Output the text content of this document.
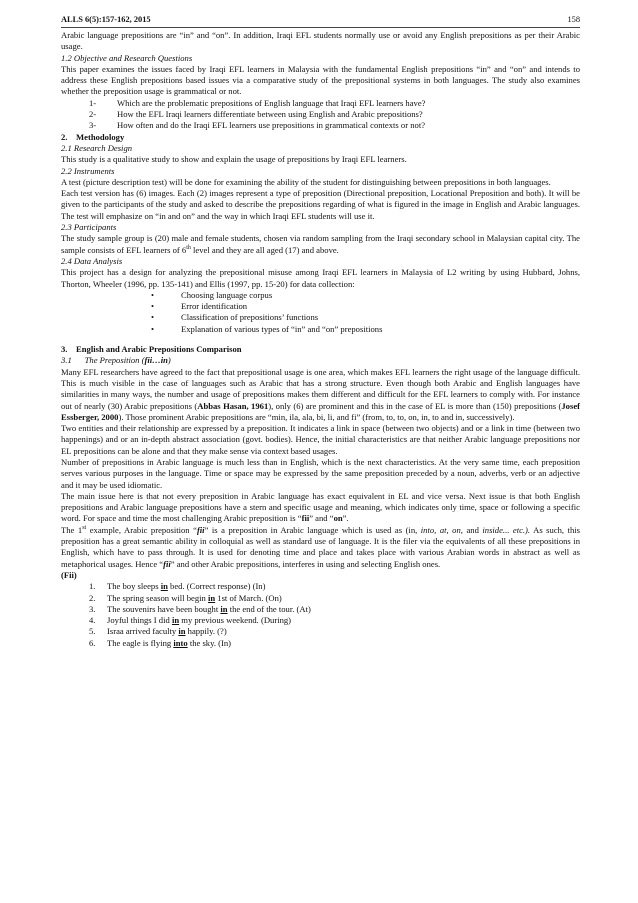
ALLS 6(5):157-162, 2015	158

Arabic language prepositions are “in” and “on”. In addition, Iraqi EFL students normally use or avoid any English prepositions as per their Arabic usage.

1.2 Objective and Research Questions

This paper examines the issues faced by Iraqi EFL learners in Malaysia with the fundamental English prepositions “in” and “on” and intends to address these English prepositions based issues via a comparative study of the prepositional systems in both languages. The study also examines whether the preposition usage is grammatical or not.

1-	Which are the problematic prepositions of English language that Iraqi EFL learners have?
2-	How the EFL Iraqi learners differentiate between using English and Arabic prepositions?
3-	How often and do the Iraqi EFL learners use prepositions in grammatical contexts or not?

2.    Methodology

2.1 Research Design

This study is a qualitative study to show and explain the usage of prepositions by Iraqi EFL learners.

2.2 Instruments

A test (picture description test) will be done for examining the ability of the student for distinguishing between prepositions in both languages.

Each test version has (6) images. Each (2) images represent a type of preposition (Directional preposition, Locational Preposition and both). It will be given to the participants of the study and asked to describe the prepositions regarding of what is figured in the image in English and Arabic languages. The test will emphasize on “in and on” and the way in which Iraqi EFL students will use it.

2.3 Participants

The study sample group is (20) male and female students, chosen via random sampling from the Iraqi secondary school in Malaysian capital city. The sample consists of EFL learners of 6th level and they are all aged (17) and above.

2.4 Data Analysis

This project has a design for analyzing the prepositional misuse among Iraqi EFL learners in Malaysia of L2 writing by using Hubbard, Johns, Thorton, Wheeler (1996, pp. 135-141) and Ellis (1997, pp. 15-20) for data collection:

•	Choosing language corpus
•	Error identification
•	Classification of prepositions’ functions
•	Explanation of various types of “in” and “on” prepositions

3.    English and Arabic Prepositions Comparison

3.1      The Preposition (fii…in)

Many EFL researchers have agreed to the fact that prepositional usage is one area, which makes EFL learners the right usage of the language difficult. This is much visible in the case of languages such as Arabic that has a strong structure. Even though both Arabic and English languages have similarities in many ways, the number and usage of prepositions makes them different and difficult for the EFL learners to comply with. For instance out of nearly (30) Arabic prepositions (Abbas Hasan, 1961), only (6) are prominent and this in the case of EL is more than (150) prepositions (Josef Essberger, 2000). Those prominent Arabic prepositions are “min, ila, ala, bi, li, and fi” (from, to, to, on, in, to and in, successively).

Two entities and their relationship are expressed by a preposition. It indicates a link in space (between two objects) and or a link in time (between two happenings) and or an in-depth abstract association (govt. bodies). Hence, the initial characteristics are that neither Arabic language prepositions nor EL prepositions can be alone and that they make sense via context based usages.

Number of prepositions in Arabic language is much less than in English, which is the next characteristics. At the very same time, each preposition serves various purposes in the language. Time or space may be expressed by the same preposition preceded by a noun, adverbs, verb or an adjective and it may be used idiomatic.

The main issue here is that not every preposition in Arabic language has exact equivalent in EL and vice versa. Next issue is that both English prepositions and Arabic language prepositions have a stern and specific usage and meaning, which indicates only time, space or following a specific word. For space and time the most challenging Arabic preposition is “fii” and “on”.

The 1st example, Arabic preposition “fii” is a preposition in Arabic language which is used as (in, into, at, on, and inside... etc.). As such, this preposition has a great semantic ability in colloquial as well as standard use of language. It is the filer via the equivalents of all these prepositions in English, which have to pass through. It is used for denoting time and place and takes place with various Arabian words in abstract as well as metaphorical usages. Hence “fii” and other Arabic prepositions, interferes in using and selecting English ones.

(Fii)

1.	The boy sleeps in bed. (Correct response) (In)
2.	The spring season will begin in 1st of March. (On)
3.	The souvenirs have been bought in the end of the tour. (At)
4.	Joyful things I did in my previous weekend. (During)
5.	Israa arrived faculty in happily. (?)
6.	The eagle is flying into the sky. (In)
